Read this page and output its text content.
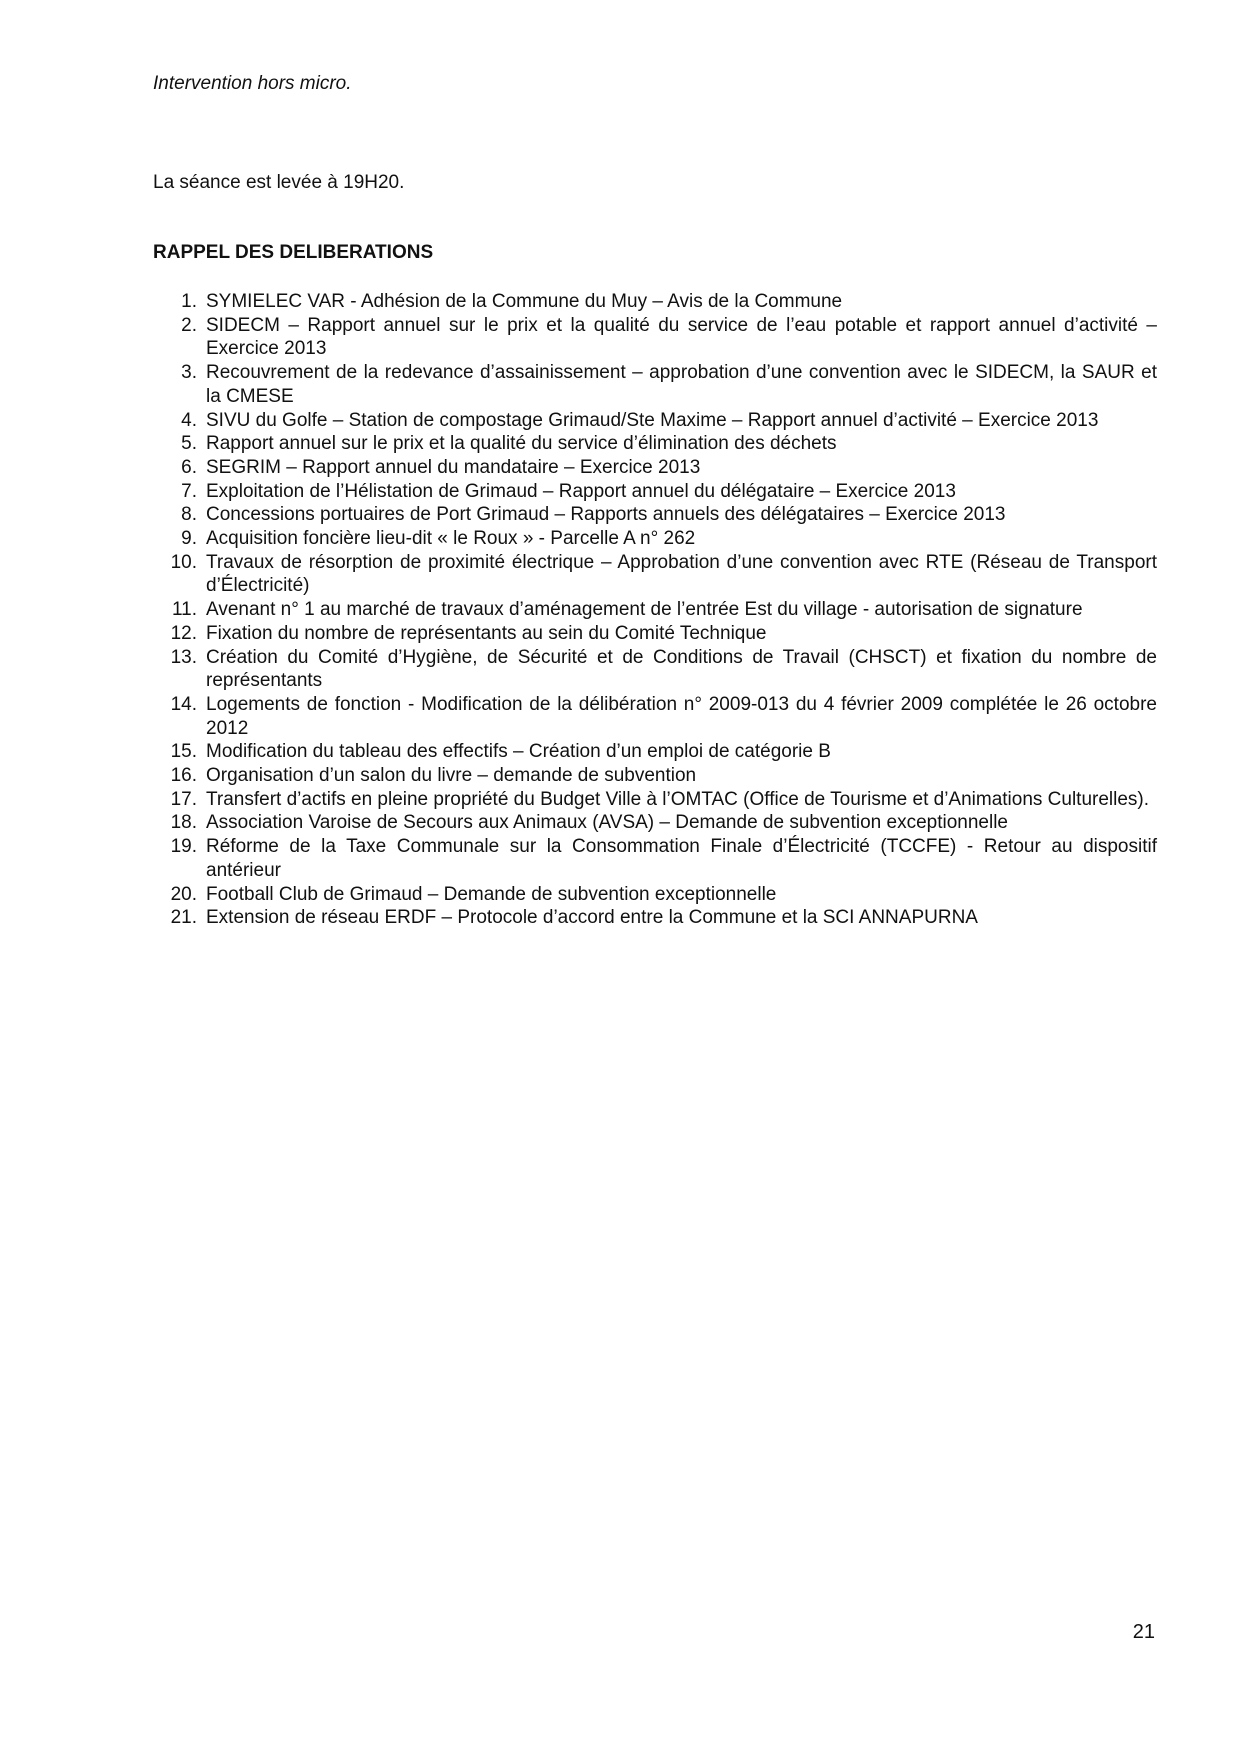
Intervention hors micro.
La séance est levée à 19H20.
RAPPEL DES DELIBERATIONS
1. SYMIELEC VAR - Adhésion de la Commune du Muy – Avis de la Commune
2. SIDECM – Rapport annuel sur le prix et la qualité du service de l’eau potable et rapport annuel d’activité – Exercice 2013
3. Recouvrement de la redevance d’assainissement – approbation d’une convention avec le SIDECM, la SAUR et la CMESE
4. SIVU du Golfe – Station de compostage Grimaud/Ste Maxime – Rapport annuel d’activité – Exercice 2013
5. Rapport annuel sur le prix et la qualité du service d’élimination des déchets
6. SEGRIM – Rapport annuel du mandataire – Exercice 2013
7. Exploitation de l’Hélistation de Grimaud – Rapport annuel du délégataire – Exercice 2013
8. Concessions portuaires de Port Grimaud – Rapports annuels des délégataires – Exercice 2013
9. Acquisition foncière lieu-dit « le Roux » - Parcelle A n° 262
10. Travaux de résorption de proximité électrique – Approbation d’une convention avec RTE (Réseau de Transport d’Électricité)
11. Avenant n° 1 au marché de travaux d’aménagement de l’entrée Est du village - autorisation de signature
12. Fixation du nombre de représentants au sein du Comité Technique
13. Création du Comité d’Hygiène, de Sécurité et de Conditions de Travail (CHSCT) et fixation du nombre de représentants
14. Logements de fonction - Modification de la délibération n° 2009-013 du 4 février 2009 complétée le 26 octobre 2012
15. Modification du tableau des effectifs – Création d’un emploi de catégorie B
16. Organisation d’un salon du livre – demande de subvention
17. Transfert d’actifs en pleine propriété du Budget Ville à l’OMTAC (Office de Tourisme et d’Animations Culturelles).
18. Association Varoise de Secours aux Animaux (AVSA) – Demande de subvention exceptionnelle
19. Réforme de la Taxe Communale sur la Consommation Finale d’Électricité (TCCFE) - Retour au dispositif antérieur
20. Football Club de Grimaud – Demande de subvention exceptionnelle
21. Extension de réseau ERDF – Protocole d’accord entre la Commune et la SCI ANNAPURNA
21
